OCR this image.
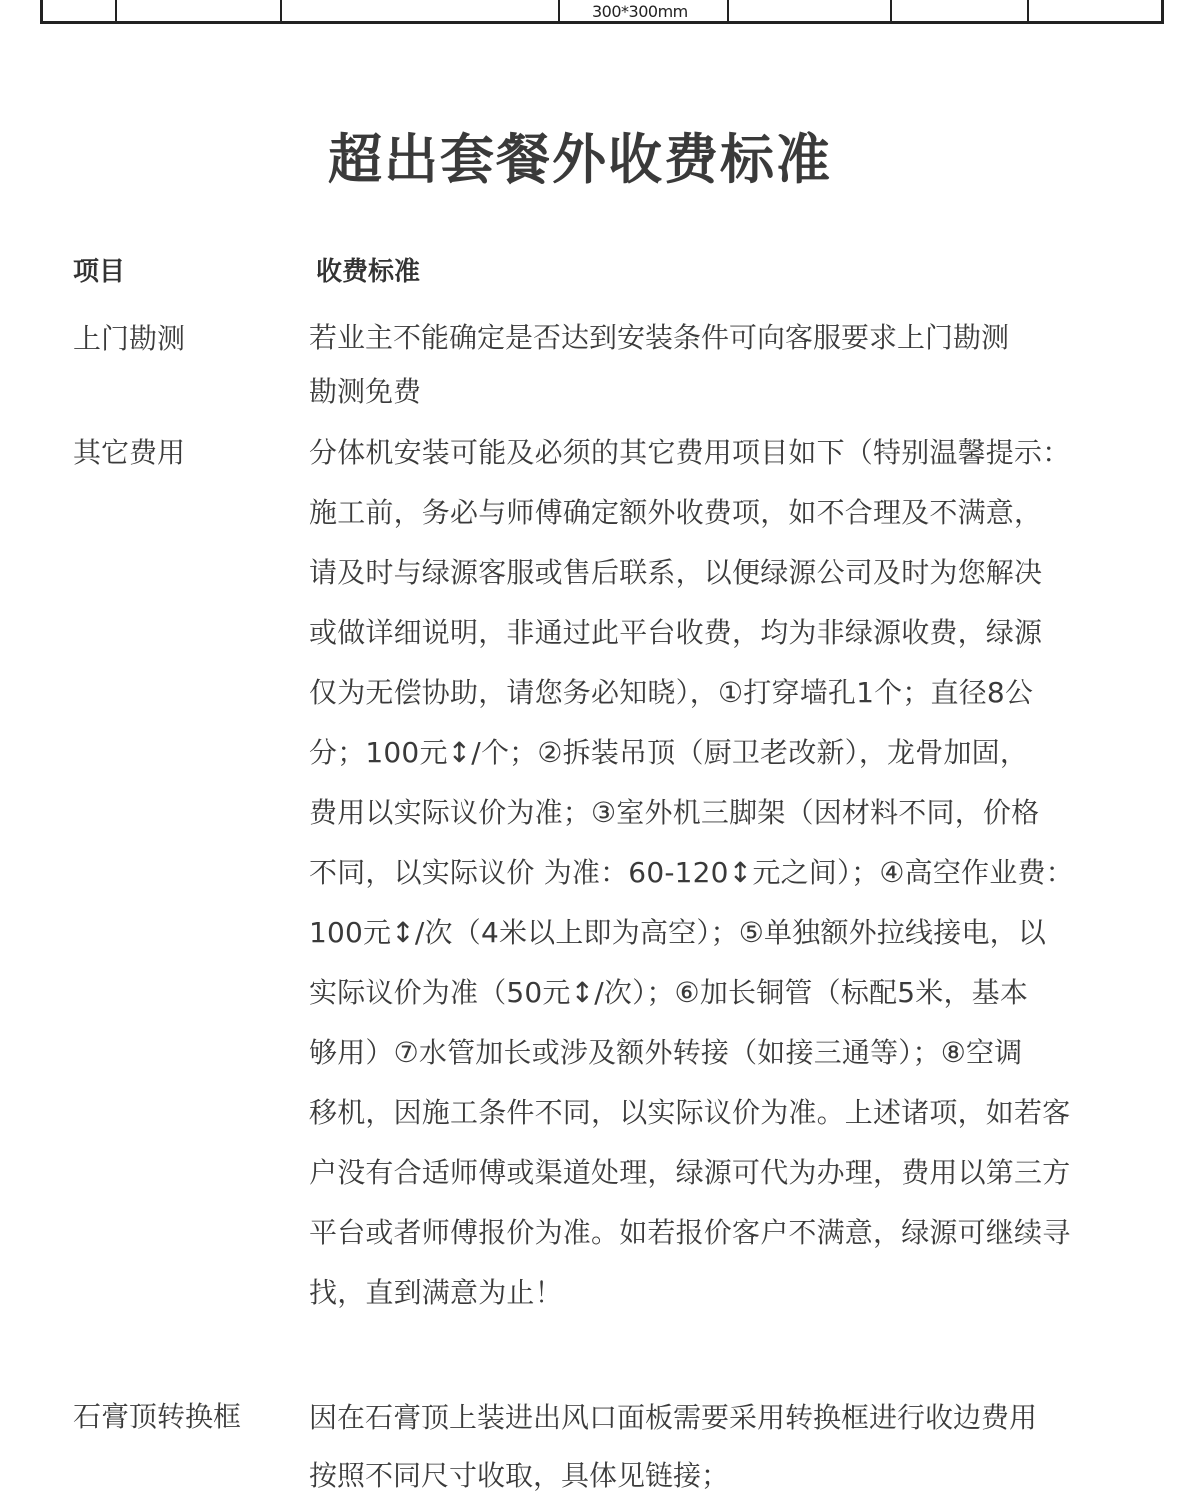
300*300mm
超出套餐外收费标准
项目	收费标准
上门勘测	若业主不能确定是否达到安装条件可向客服要求上门勘测
勘测免费

其它费用	分体机安装可能及必须的其它费用项目如下（特别温馨提示：
施工前，务必与师傅确定额外收费项，如不合理及不满意，
请及时与绿源客服或售后联系，以便绿源公司及时为您解决
或做详细说明，非通过此平台收费，均为非绿源收费，绿源
仅为无偿协助，请您务必知晓），①打穿墙孔1个；直径8公
分；100元↕/个；②拆装吊顶（厨卫老改新），龙骨加固，
费用以实际议价为准；③室外机三脚架（因材料不同，价格
不同，以实际议价 为准：60-120↕元之间）；④高空作业费：
100元↕/次（4米以上即为高空）；⑤单独额外拉线接电，以
实际议价为准（50元↕/次）；⑥加长铜管（标配5米，基本
够用）⑦水管加长或涉及额外转接（如接三通等）；⑧空调
移机，因施工条件不同，以实际议价为准。上述诸项，如若客
户没有合适师傅或渠道处理，绿源可代为办理，费用以第三方
平台或者师傅报价为准。如若报价客户不满意，绿源可继续寻
找，直到满意为止！

石膏顶转换框 因在石膏顶上装进出风口面板需要采用转换框进行收边费用
按照不同尺寸收取，具体见链接；
